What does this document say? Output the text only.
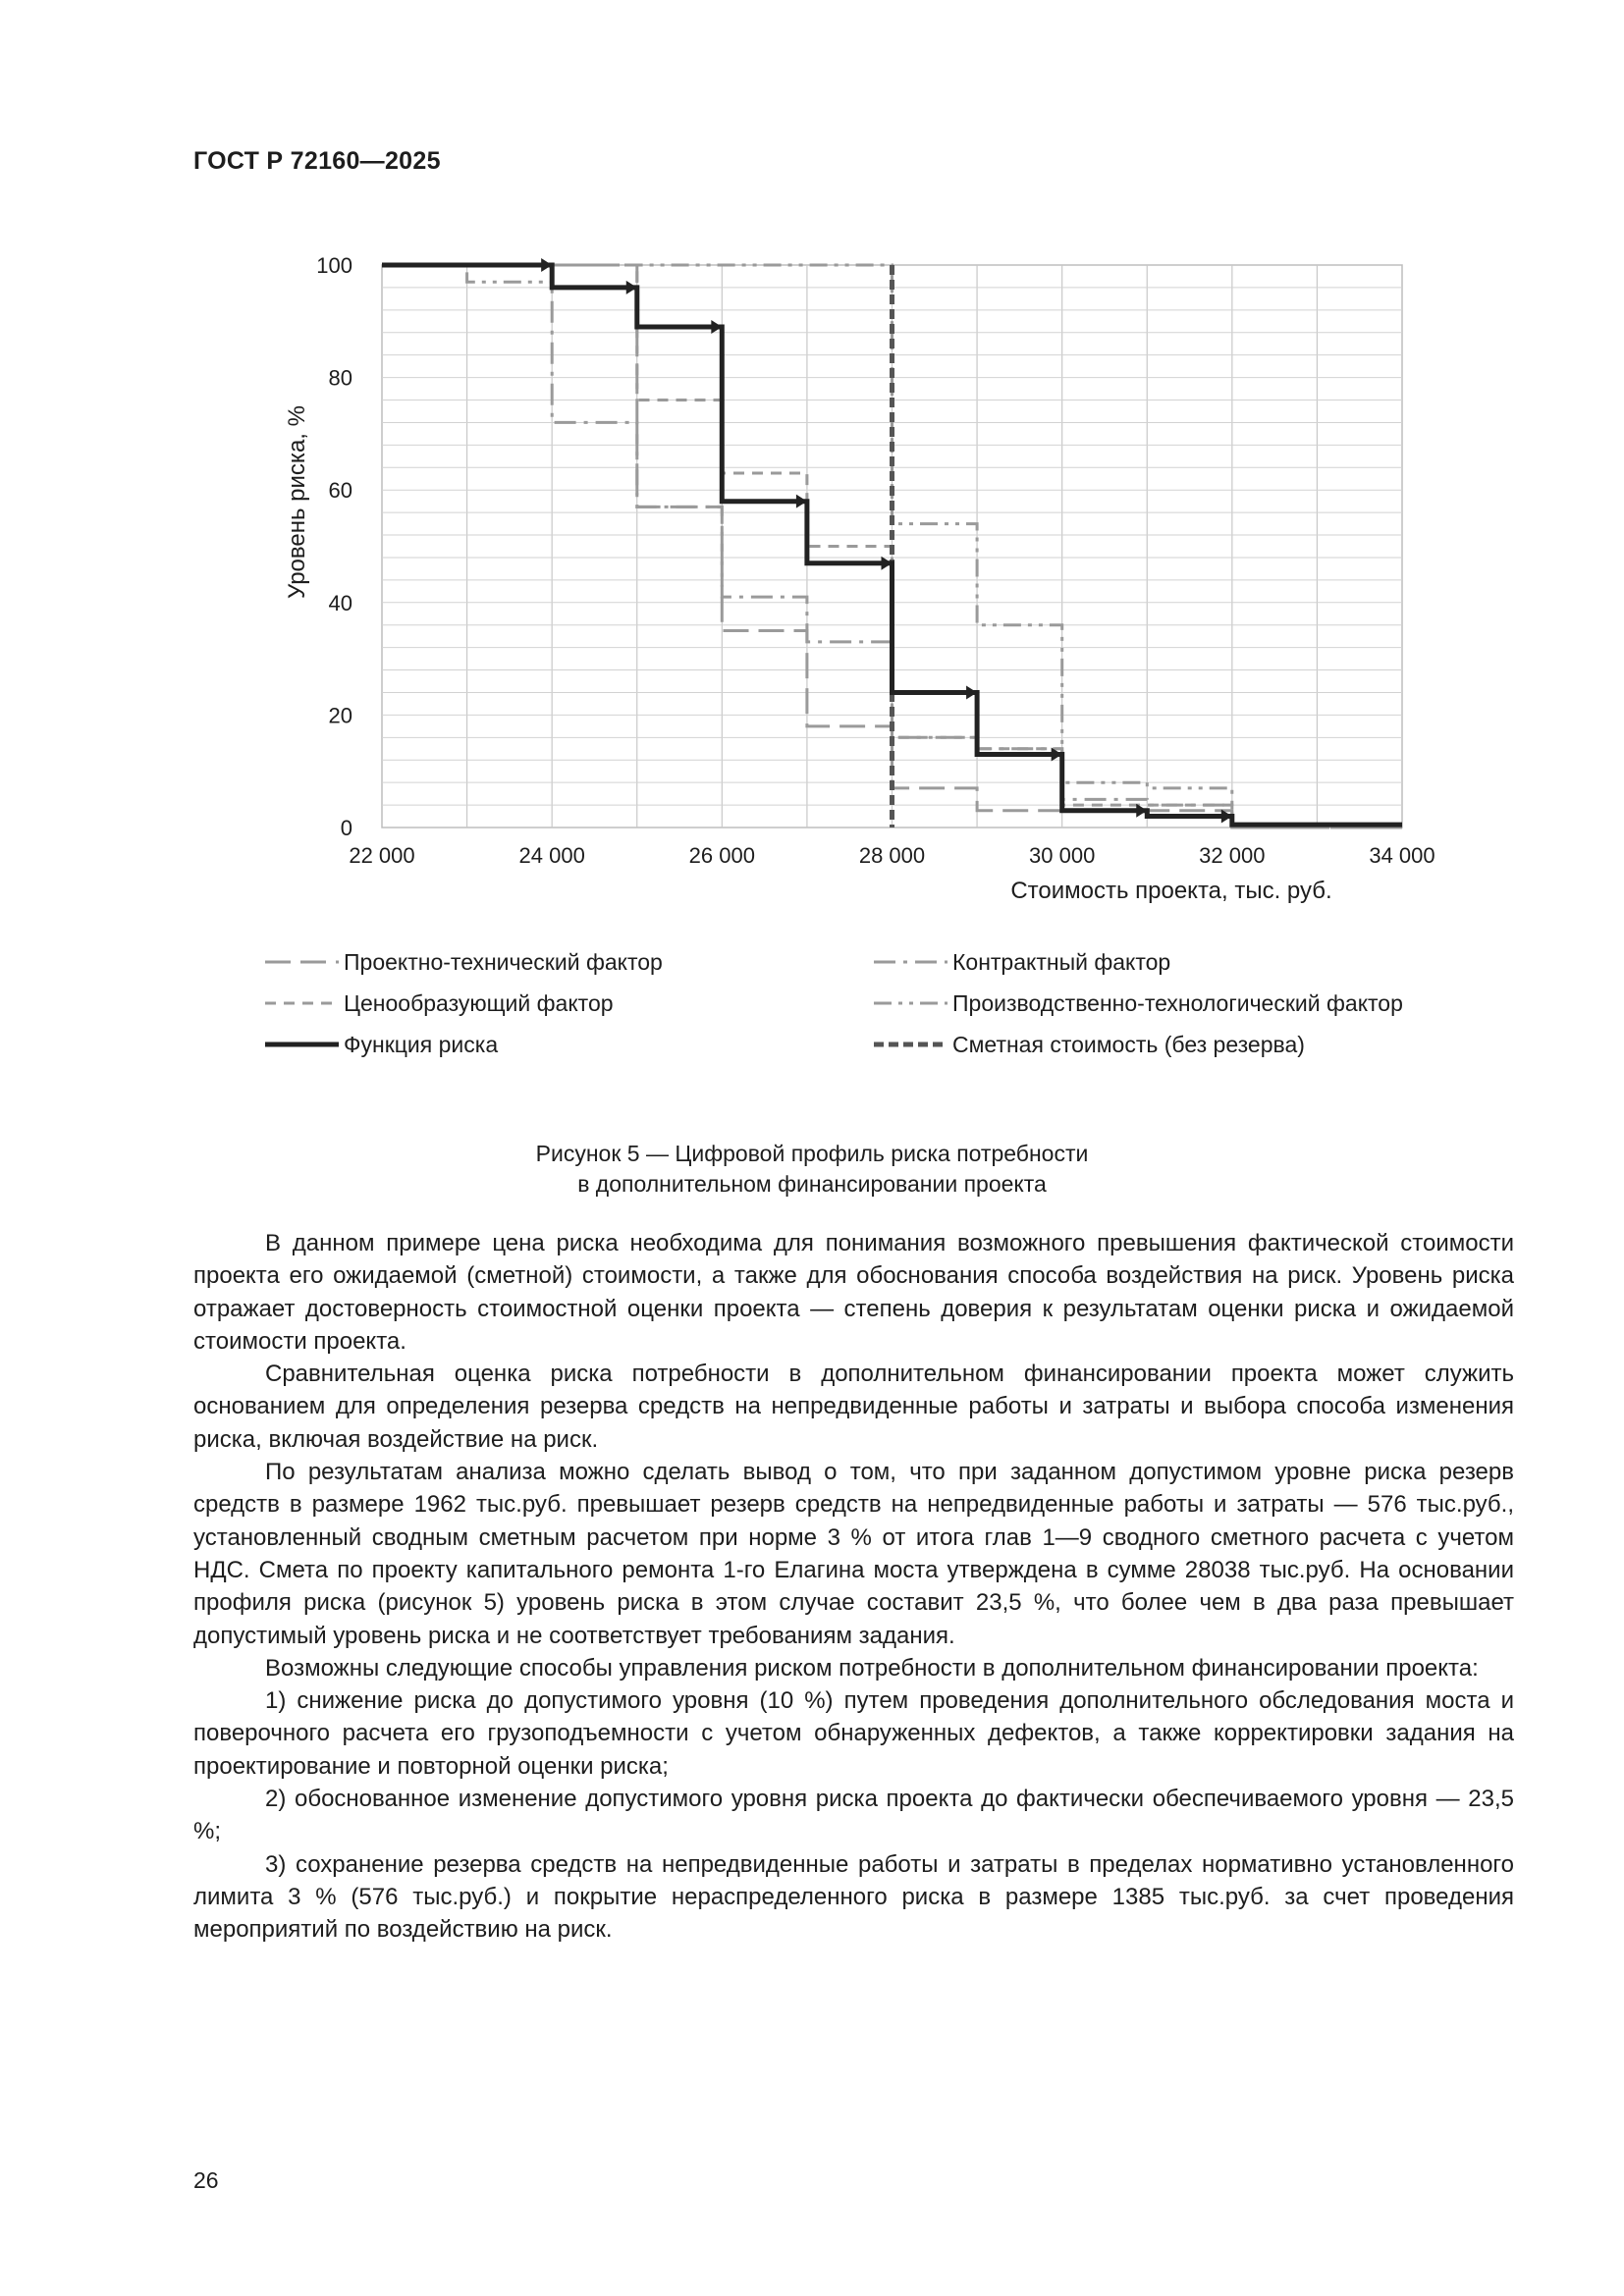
ГОСТ Р 72160—2025
0
20
40
60
80
100
22 000	24 000	26 000	28 000	30 000	32 000	34 000
Стоимость проекта, тыс. руб.
Уровень риска, %
Проектно-технический фактор
Ценообразующий фактор
Функция риска
Контрактный фактор
Производственно-технологический фактор
Сметная стоимость (без резерва)
Рисунок 5 — Цифровой профиль риска потребности
в дополнительном финансировании проекта

В данном примере цена риска необходима для понимания возможного превышения фактической стоимости проекта его ожидаемой (сметной) стоимости, а также для обоснования способа воздействия на риск. Уровень риска отражает достоверность стоимостной оценки проекта — степень доверия к результатам оценки риска и ожидаемой стоимости проекта.

Сравнительная оценка риска потребности в дополнительном финансировании проекта может служить основанием для определения резерва средств на непредвиденные работы и затраты и выбора способа изменения риска, включая воздействие на риск.

По результатам анализа можно сделать вывод о том, что при заданном допустимом уровне риска резерв средств в размере 1962 тыс.руб. превышает резерв средств на непредвиденные работы и затраты — 576 тыс.руб., установленный сводным сметным расчетом при норме 3 % от итога глав 1—9 сводного сметного расчета с учетом НДС. Смета по проекту капитального ремонта 1-го Елагина моста утверждена в сумме 28038 тыс.руб. На основании профиля риска (рисунок 5) уровень риска в этом случае составит 23,5 %, что более чем в два раза превышает допустимый уровень риска и не соответствует требованиям задания.

Возможны следующие способы управления риском потребности в дополнительном финансировании проекта:

1) снижение риска до допустимого уровня (10 %) путем проведения дополнительного обследования моста и поверочного расчета его грузоподъемности с учетом обнаруженных дефектов, а также корректировки задания на проектирование и повторной оценки риска;

2) обоснованное изменение допустимого уровня риска проекта до фактически обеспечиваемого уровня — 23,5 %;

3) сохранение резерва средств на непредвиденные работы и затраты в пределах нормативно установленного лимита 3 % (576 тыс.руб.) и покрытие нераспределенного риска в размере 1385 тыс.руб. за счет проведения мероприятий по воздействию на риск.

26
